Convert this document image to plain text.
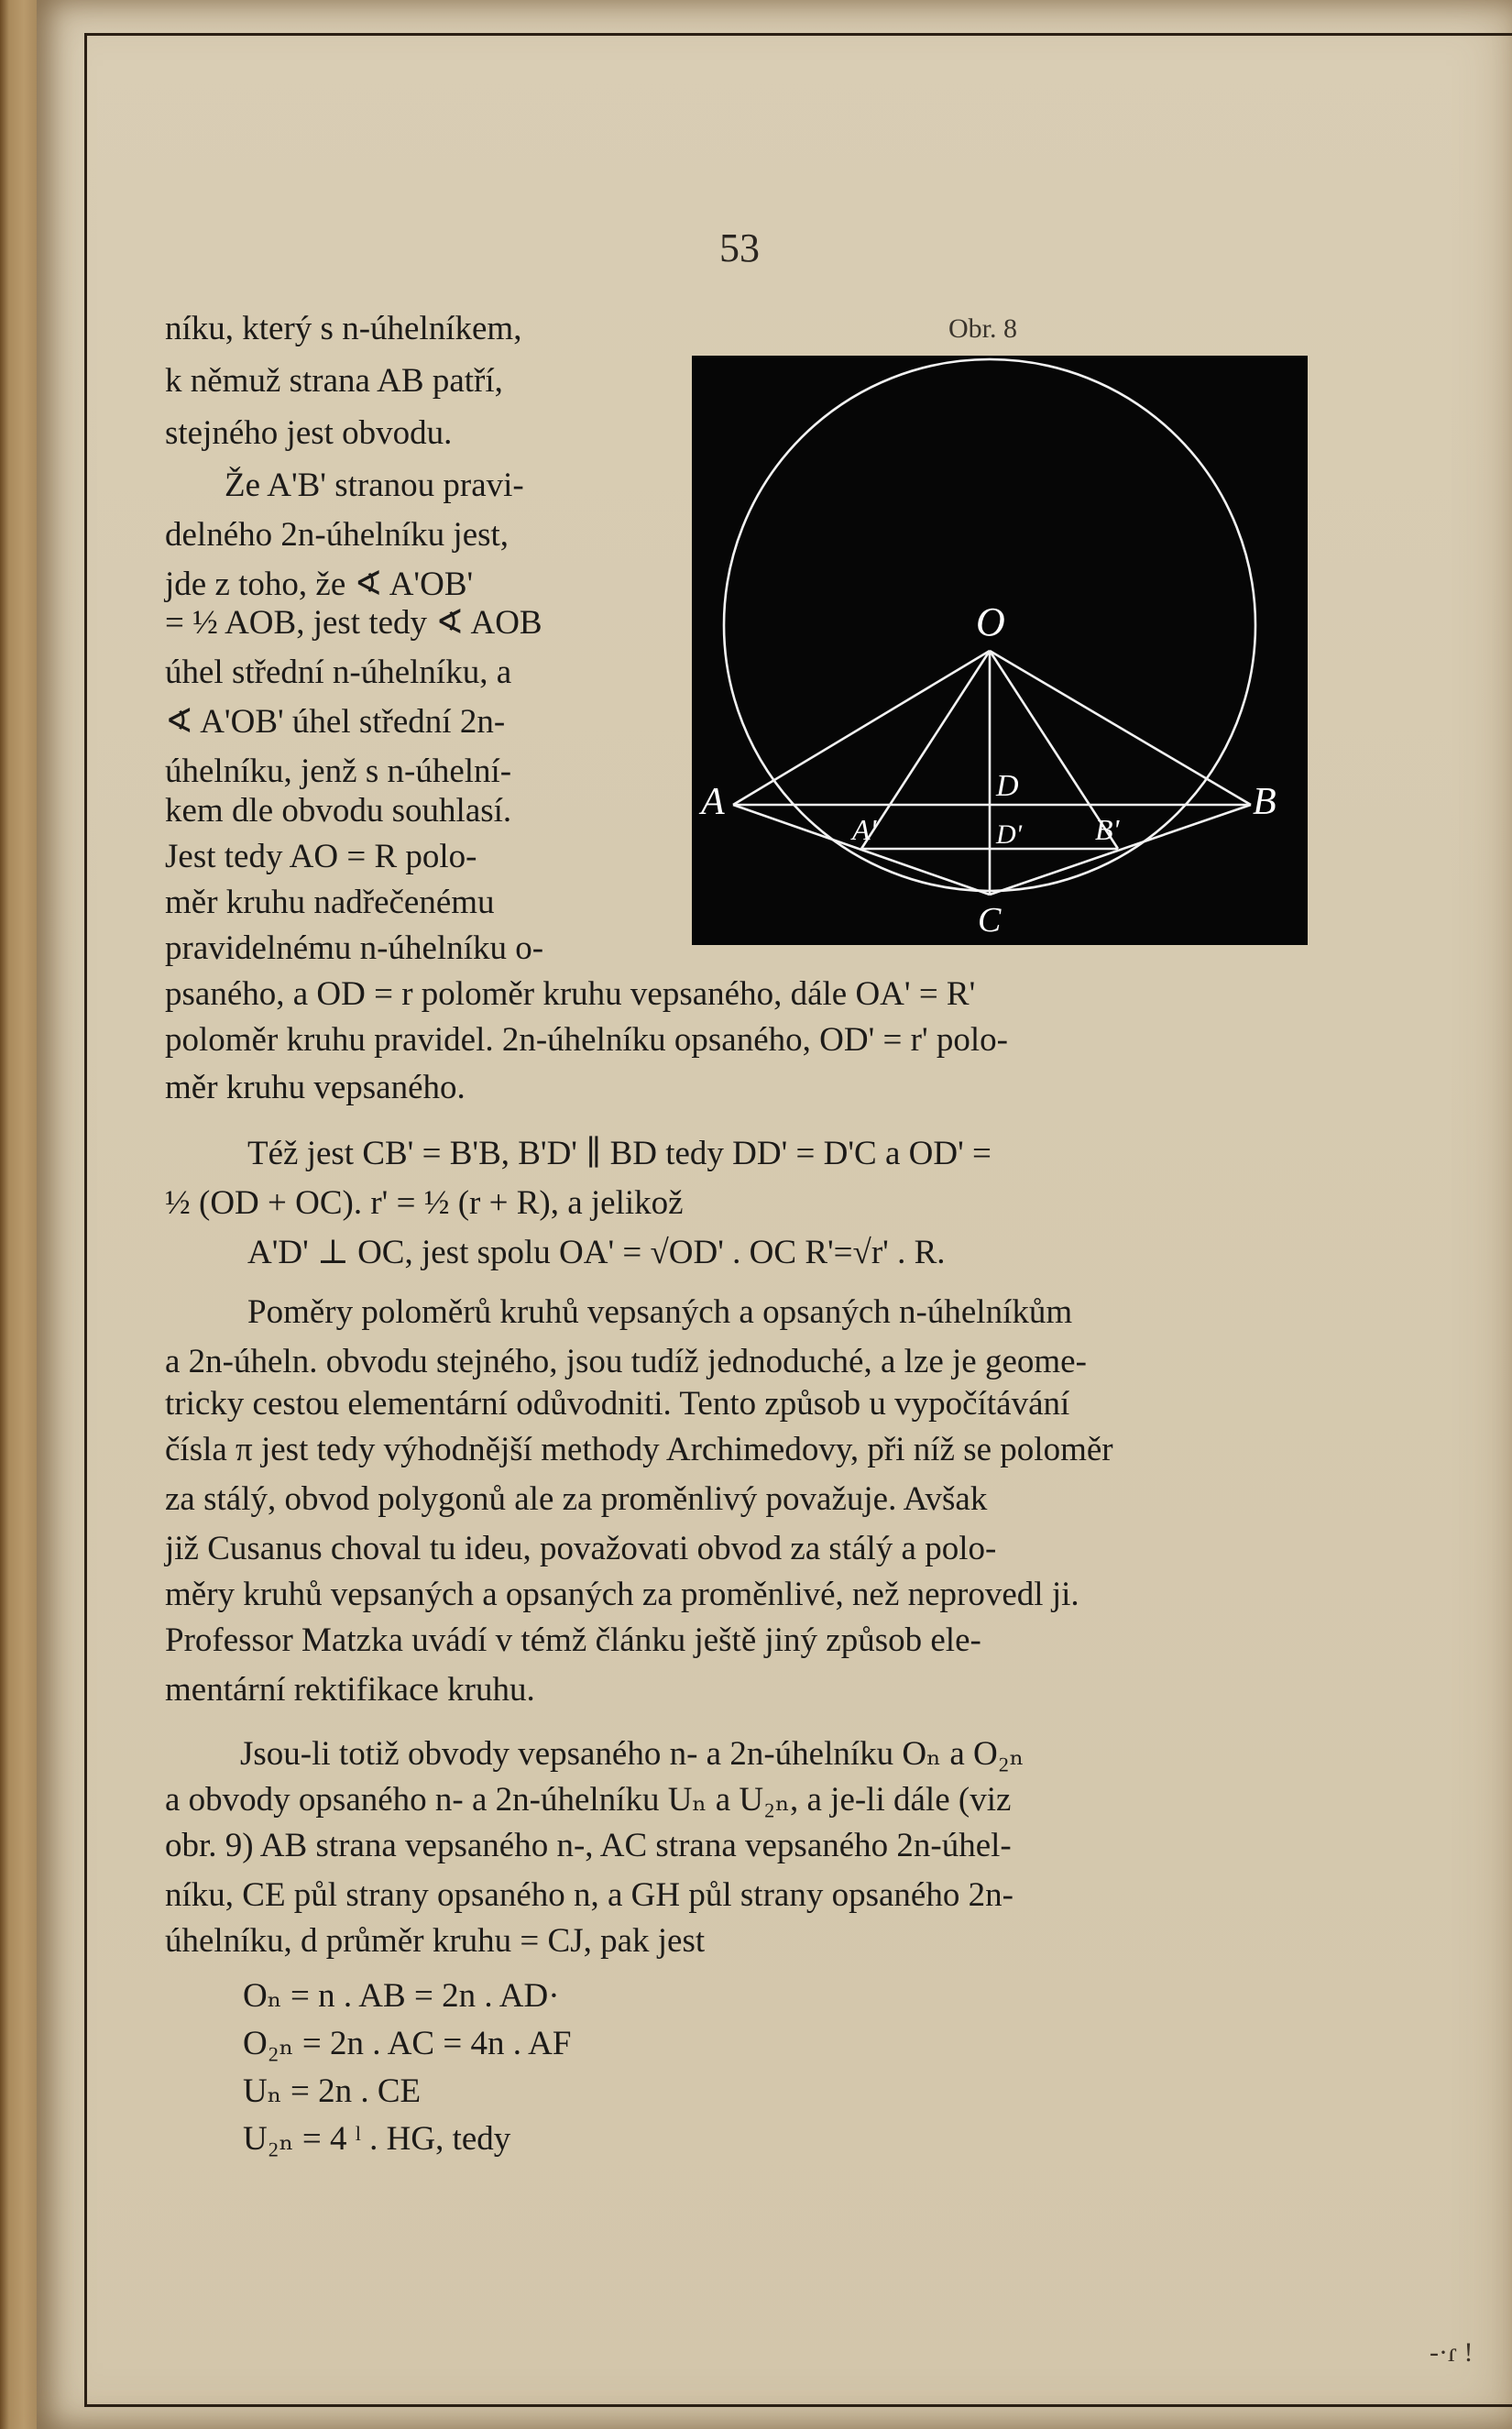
53
Obr. 8
O
A	B
A'	B'
D
D'
C
níku, který s n-úhelníkem,
k němuž strana AB patří,
stejného jest obvodu.
Že A'B' stranou pravi-
delného 2n-úhelníku jest,
jde z toho, že ∢ A'OB'
= ½ AOB, jest tedy ∢ AOB
úhel střední n-úhelníku, a
∢ A'OB' úhel střední 2n-
úhelníku, jenž s n-úhelní-
kem dle obvodu souhlasí.
Jest tedy AO = R polo-
měr kruhu nadřečenému
pravidelnému n-úhelníku o-
psaného, a OD = r poloměr kruhu vepsaného, dále OA' = R'
poloměr kruhu pravidel. 2n-úhelníku opsaného, OD' = r' polo-
měr kruhu vepsaného.
Též jest CB' = B'B, B'D' ∥ BD tedy DD' = D'C a OD' =
½ (OD + OC). r' = ½ (r + R), a jelikož
A'D' ⊥ OC, jest spolu OA' = √OD' . OC R'=√r' . R.
Poměry poloměrů kruhů vepsaných a opsaných n-úhelníkům
a 2n-úheln. obvodu stejného, jsou tudíž jednoduché, a lze je geome-
tricky cestou elementární odůvodniti. Tento způsob u vypočítávání
čísla π jest tedy výhodnější methody Archimedovy, při níž se poloměr
za stálý, obvod polygonů ale za proměnlivý považuje. Avšak
již Cusanus choval tu ideu, považovati obvod za stálý a polo-
měry kruhů vepsaných a opsaných za proměnlivé, než neprovedl ji.
Professor Matzka uvádí v témž článku ještě jiný způsob ele-
mentární rektifikace kruhu.
Jsou-li totiž obvody vepsaného n- a 2n-úhelníku Oₙ a O₂ₙ
a obvody opsaného n- a 2n-úhelníku Uₙ a U₂ₙ, a je-li dále (viz
obr. 9) AB strana vepsaného n-, AC strana vepsaného 2n-úhel-
níku, CE půl strany opsaného n, a GH půl strany opsaného 2n-
úhelníku, d průměr kruhu = CJ, pak jest
Oₙ = n . AB = 2n . AD·
O₂ₙ = 2n . AC = 4n . AF
Uₙ = 2n . CE
U₂ₙ = 4 ˡ . HG, tedy
-·ɾ !
